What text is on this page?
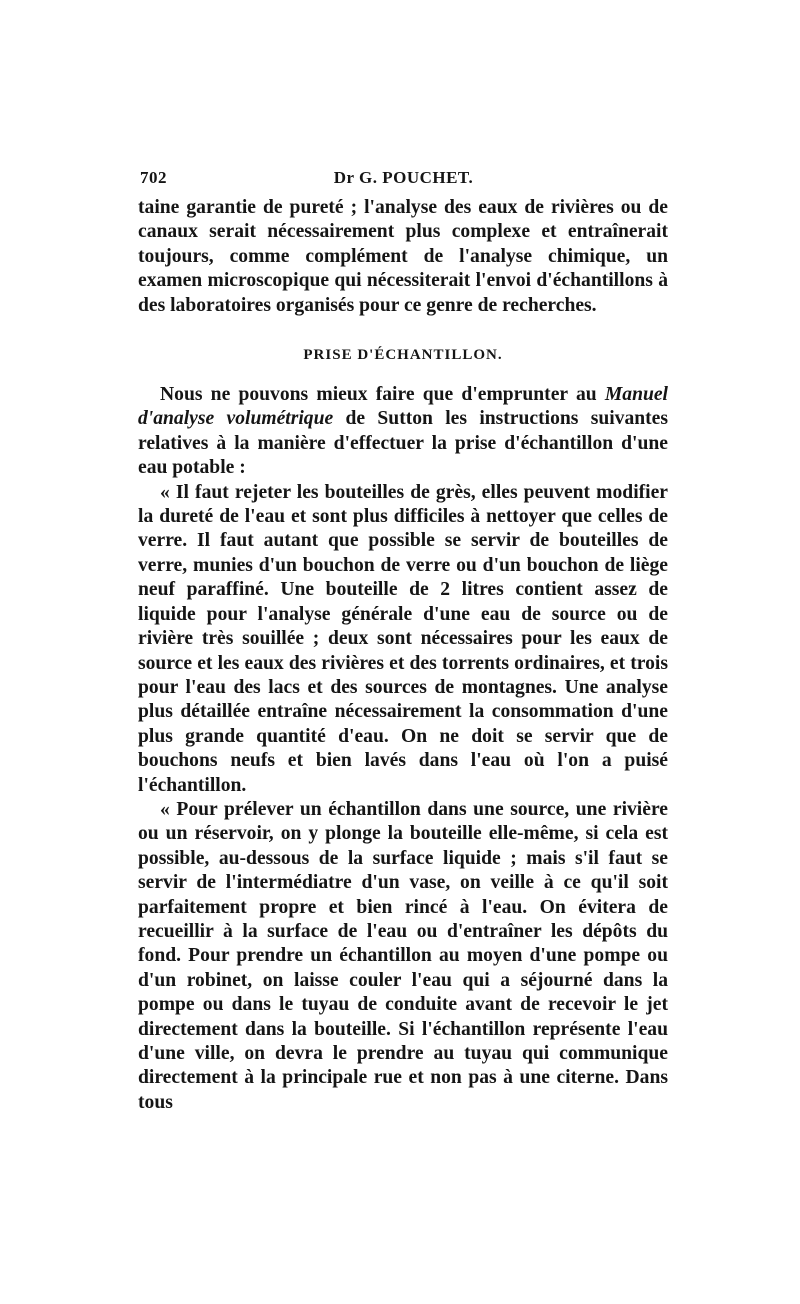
702	Dr G. POUCHET.

taine garantie de pureté ; l'analyse des eaux de rivières ou de canaux serait nécessairement plus complexe et entraînerait toujours, comme complément de l'analyse chimique, un examen microscopique qui nécessiterait l'envoi d'échantillons à des laboratoires organisés pour ce genre de recherches.

PRISE D'ÉCHANTILLON.

Nous ne pouvons mieux faire que d'emprunter au Manuel d'analyse volumétrique de Sutton les instructions suivantes relatives à la manière d'effectuer la prise d'échantillon d'une eau potable :

« Il faut rejeter les bouteilles de grès, elles peuvent modifier la dureté de l'eau et sont plus difficiles à nettoyer que celles de verre. Il faut autant que possible se servir de bouteilles de verre, munies d'un bouchon de verre ou d'un bouchon de liège neuf paraffiné. Une bouteille de 2 litres contient assez de liquide pour l'analyse générale d'une eau de source ou de rivière très souillée ; deux sont nécessaires pour les eaux de source et les eaux des rivières et des torrents ordinaires, et trois pour l'eau des lacs et des sources de montagnes. Une analyse plus détaillée entraîne nécessairement la consommation d'une plus grande quantité d'eau. On ne doit se servir que de bouchons neufs et bien lavés dans l'eau où l'on a puisé l'échantillon.

« Pour prélever un échantillon dans une source, une rivière ou un réservoir, on y plonge la bouteille elle-même, si cela est possible, au-dessous de la surface liquide ; mais s'il faut se servir de l'intermédiatre d'un vase, on veille à ce qu'il soit parfaitement propre et bien rincé à l'eau. On évitera de recueillir à la surface de l'eau ou d'entraîner les dépôts du fond. Pour prendre un échantillon au moyen d'une pompe ou d'un robinet, on laisse couler l'eau qui a séjourné dans la pompe ou dans le tuyau de conduite avant de recevoir le jet directement dans la bouteille. Si l'échantillon représente l'eau d'une ville, on devra le prendre au tuyau qui communique directement à la principale rue et non pas à une citerne. Dans tous
